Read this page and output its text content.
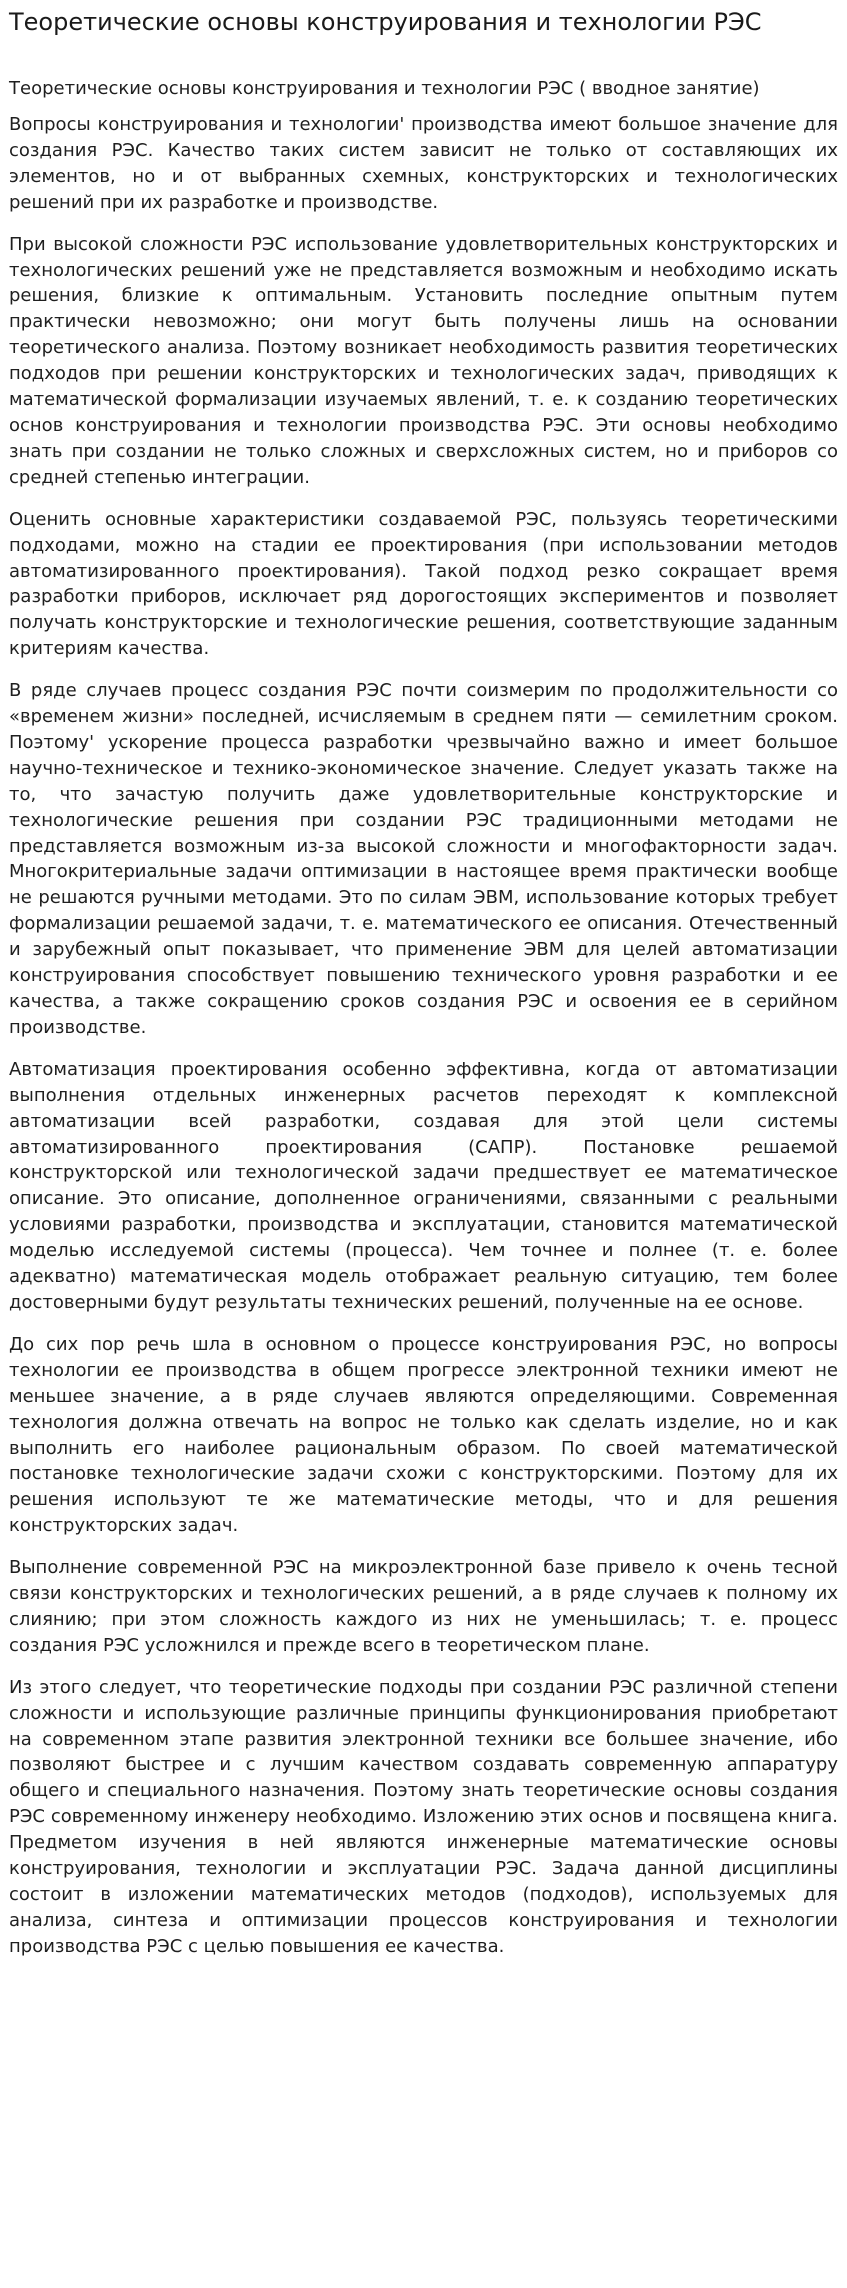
Теоретические основы конструирования и технологии РЭС

Теоретические основы конструирования и технологии РЭС ( вводное занятие)

Вопросы конструирования и технологии' производства имеют большое значение для создания РЭС. Качество таких систем зависит не только от составляющих их элементов, но и от выбранных схемных, конструкторских и технологических решений при их разработке и производстве.

При высокой сложности РЭС использование удовлетворительных конструкторских и технологических решений уже не представляется возможным и необходимо искать решения, близкие к оптимальным. Установить последние опытным путем практически невозможно; они могут быть получены лишь на основании теоретического анализа. Поэтому возникает необходимость развития теоретических подходов при решении конструкторских и технологических задач, приводящих к математической формализации изучаемых явлений, т. е. к созданию теоретических основ конструирования и технологии производства РЭС. Эти основы необходимо знать при создании не только сложных и сверхсложных систем, но и приборов со средней степенью интеграции.

Оценить основные характеристики создаваемой РЭС, пользуясь теоретическими подходами, можно на стадии ее проектирования (при использовании методов автоматизированного проектирования). Такой подход резко сокращает время разработки приборов, исключает ряд дорогостоящих экспериментов и позволяет получать конструкторские и технологические решения, соответствующие заданным критериям качества.

В ряде случаев процесс создания РЭС почти соизмерим по продолжительности со «временем жизни» последней, исчисляемым в среднем пяти — семилетним сроком. Поэтому' ускорение процесса разработки чрезвычайно важно и имеет большое научно-техническое и технико-экономическое значение. Следует указать также на то, что зачастую получить даже удовлетворительные конструкторские и технологические решения при создании РЭС традиционными методами не представляется возможным из-за высокой сложности и многофакторности задач. Многокритериальные задачи оптимизации в настоящее время практически вообще не решаются ручными методами. Это по силам ЭВМ, использование которых требует формализации решаемой задачи, т. е. математического ее описания. Отечественный и зарубежный опыт показывает, что применение ЭВМ для целей автоматизации конструирования способствует повышению технического уровня разработки и ее качества, а также сокращению сроков создания РЭС и освоения ее в серийном производстве.

Автоматизация проектирования особенно эффективна, когда от автоматизации выполнения отдельных инженерных расчетов переходят к комплексной автоматизации всей разработки, создавая для этой цели системы автоматизированного проектирования (САПР). Постановке решаемой конструкторской или технологической задачи предшествует ее математическое описание. Это описание, дополненное ограничениями, связанными с реальными условиями разработки, производства и эксплуатации, становится математической моделью исследуемой системы (процесса). Чем точнее и полнее (т. е. более адекватно) математическая модель отображает реальную ситуацию, тем более достоверными будут результаты технических решений, полученные на ее основе.

До сих пор речь шла в основном о процессе конструирования РЭС, но вопросы технологии ее производства в общем прогрессе электронной техники имеют не меньшее значение, а в ряде случаев являются определяющими. Современная технология должна отвечать на вопрос не только как сделать изделие, но и как выполнить его наиболее рациональным образом. По своей математической постановке технологические задачи схожи с конструкторскими. Поэтому для их решения используют те же математические методы, что и для решения конструкторских задач.

Выполнение современной РЭС на микроэлектронной базе привело к очень тесной связи конструкторских и технологических решений, а в ряде случаев к полному их слиянию; при этом сложность каждого из них не уменьшилась; т. е. процесс создания РЭС усложнился и прежде всего в теоретическом плане.

Из этого следует, что теоретические подходы при создании РЭС различной степени сложности и использующие различные принципы функционирования приобретают на современном этапе развития электронной техники все большее значение, ибо позволяют быстрее и с лучшим качеством создавать современную аппаратуру общего и специального назначения. Поэтому знать теоретические основы создания РЭС современному инженеру необходимо. Изложению этих основ и посвящена книга. Предметом изучения в ней являются инженерные математические основы конструирования, технологии и эксплуатации РЭС. Задача данной дисциплины состоит в изложении математических методов (подходов), используемых для анализа, синтеза и оптимизации процессов конструирования и технологии производства РЭС с целью повышения ее качества.
